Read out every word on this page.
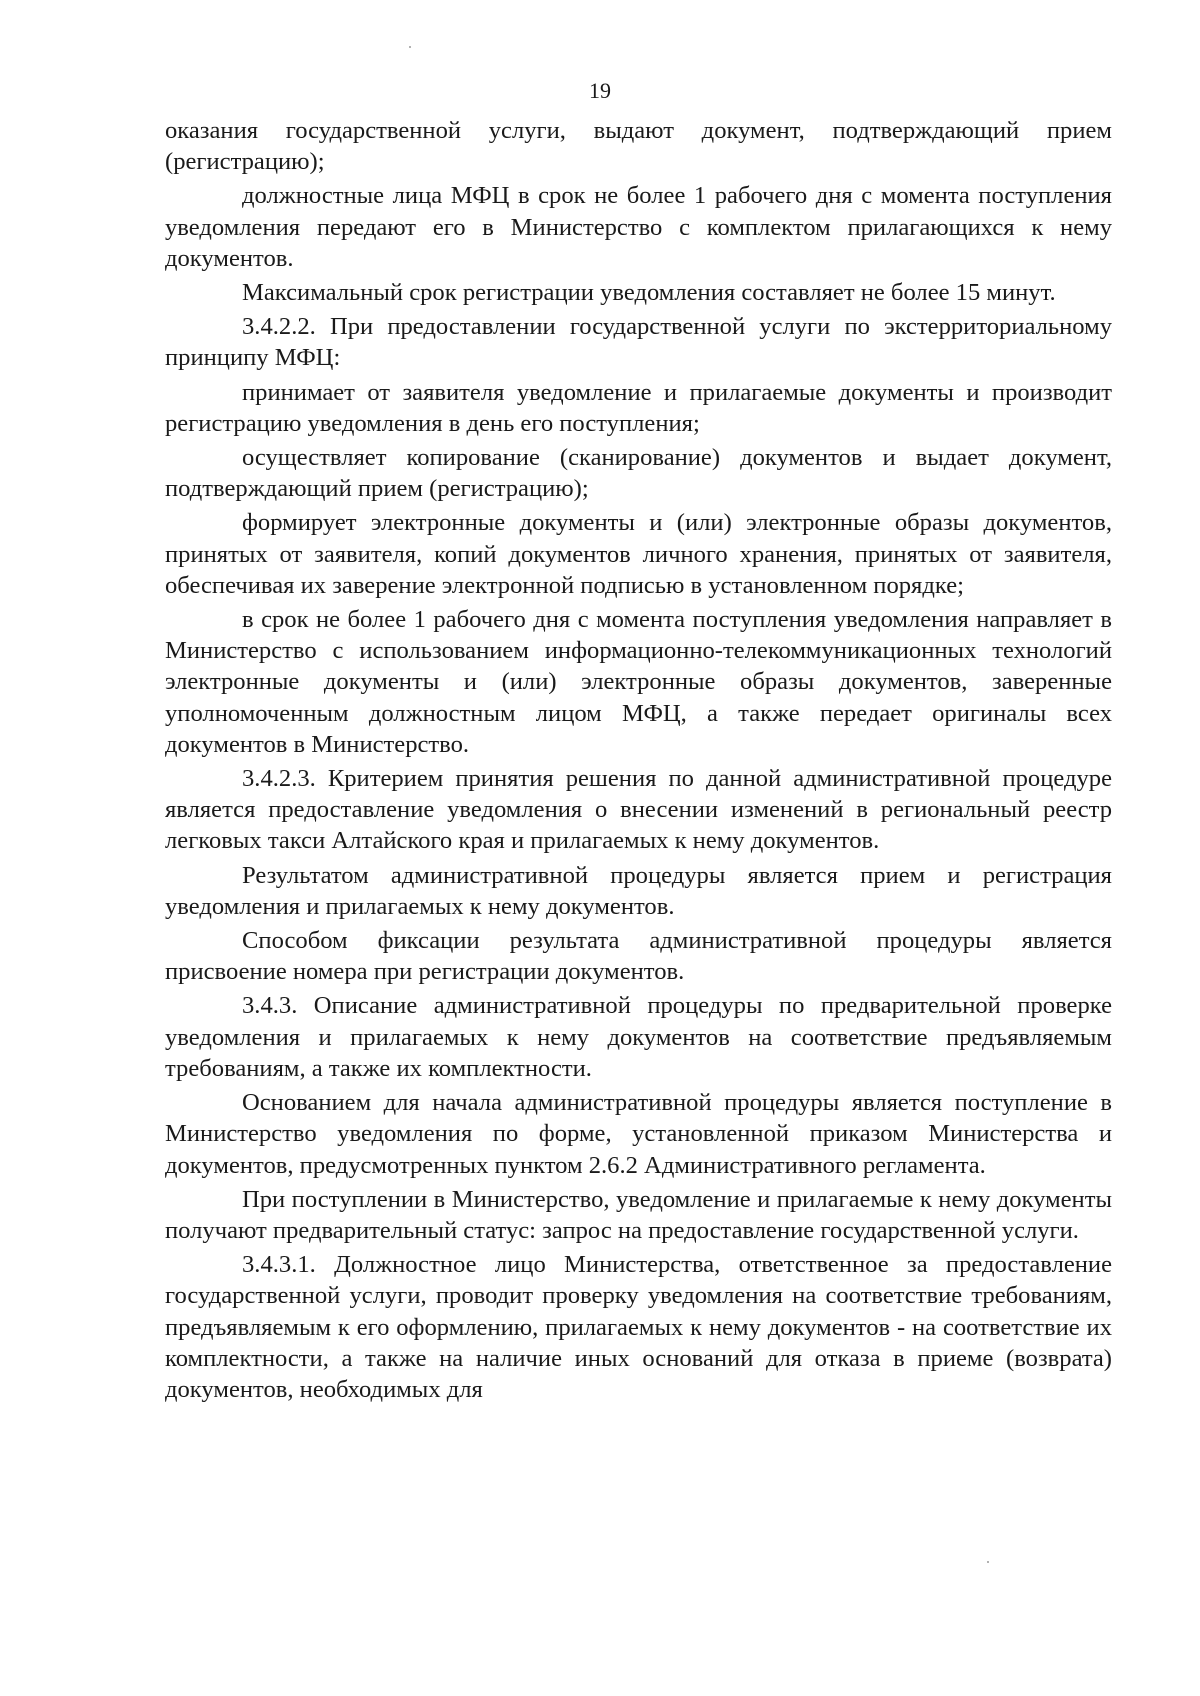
19

оказания государственной услуги, выдают документ, подтверждающий прием (регистрацию);

должностные лица МФЦ в срок не более 1 рабочего дня с момента поступления уведомления передают его в Министерство с комплектом прилагающихся к нему документов.

Максимальный срок регистрации уведомления составляет не более 15 минут.

3.4.2.2. При предоставлении государственной услуги по экстерриториальному принципу МФЦ:

принимает от заявителя уведомление и прилагаемые документы и производит регистрацию уведомления в день его поступления;

осуществляет копирование (сканирование) документов и выдает документ, подтверждающий прием (регистрацию);

формирует электронные документы и (или) электронные образы документов, принятых от заявителя, копий документов личного хранения, принятых от заявителя, обеспечивая их заверение электронной подписью в установленном порядке;

в срок не более 1 рабочего дня с момента поступления уведомления направляет в Министерство с использованием информационно-телекоммуникационных технологий электронные документы и (или) электронные образы документов, заверенные уполномоченным должностным лицом МФЦ, а также передает оригиналы всех документов в Министерство.

3.4.2.3. Критерием принятия решения по данной административной процедуре является предоставление уведомления о внесении изменений в региональный реестр легковых такси Алтайского края и прилагаемых к нему документов.

Результатом административной процедуры является прием и регистрация уведомления и прилагаемых к нему документов.

Способом фиксации результата административной процедуры является присвоение номера при регистрации документов.

3.4.3. Описание административной процедуры по предварительной проверке уведомления и прилагаемых к нему документов на соответствие предъявляемым требованиям, а также их комплектности.

Основанием для начала административной процедуры является поступление в Министерство уведомления по форме, установленной приказом Министерства и документов, предусмотренных пунктом 2.6.2 Административного регламента.

При поступлении в Министерство, уведомление и прилагаемые к нему документы получают предварительный статус: запрос на предоставление государственной услуги.

3.4.3.1. Должностное лицо Министерства, ответственное за предоставление государственной услуги, проводит проверку уведомления на соответствие требованиям, предъявляемым к его оформлению, прилагаемых к нему документов - на соответствие их комплектности, а также на наличие иных оснований для отказа в приеме (возврата) документов, необходимых для
